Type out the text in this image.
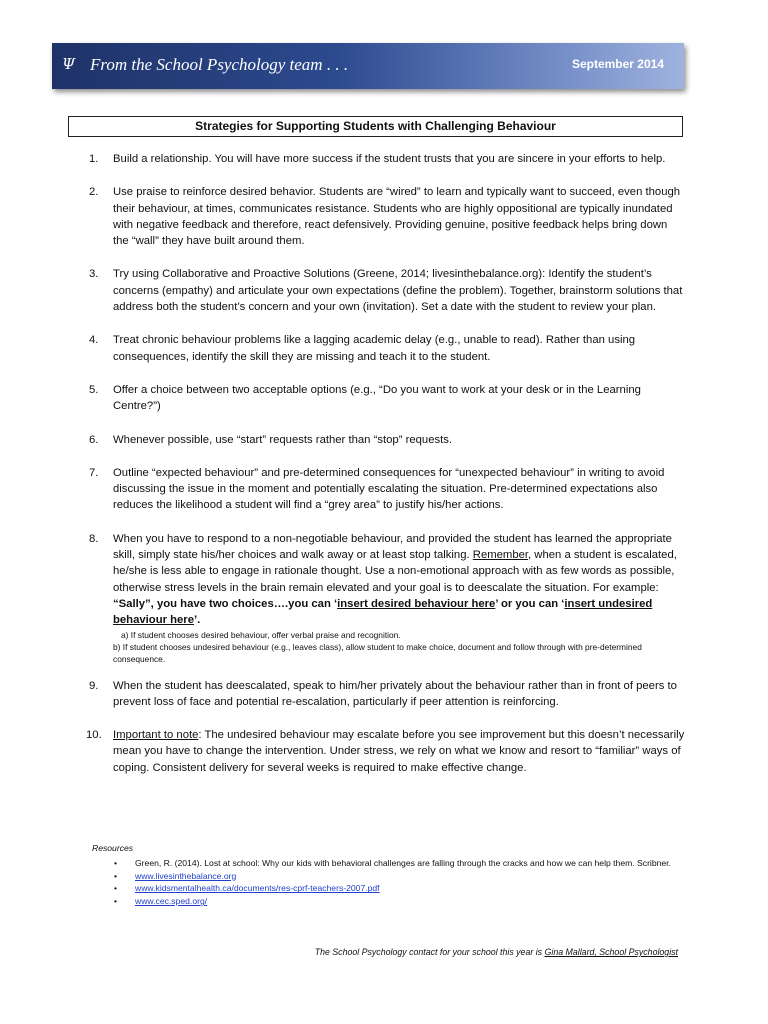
Ψ From the School Psychology team . . .	September 2014
Strategies for Supporting Students with Challenging Behaviour
1. Build a relationship. You will have more success if the student trusts that you are sincere in your efforts to help.

2. Use praise to reinforce desired behavior. Students are “wired” to learn and typically want to succeed, even though their behaviour, at times, communicates resistance. Students who are highly oppositional are typically inundated with negative feedback and therefore, react defensively. Providing genuine, positive feedback helps bring down the “wall” they have built around them.

3. Try using Collaborative and Proactive Solutions (Greene, 2014; livesinthebalance.org): Identify the student’s concerns (empathy) and articulate your own expectations (define the problem). Together, brainstorm solutions that address both the student’s concern and your own (invitation). Set a date with the student to review your plan.

4. Treat chronic behaviour problems like a lagging academic delay (e.g., unable to read). Rather than using consequences, identify the skill they are missing and teach it to the student.

5. Offer a choice between two acceptable options (e.g., “Do you want to work at your desk or in the Learning Centre?”)

6. Whenever possible, use “start” requests rather than “stop” requests.

7. Outline “expected behaviour” and pre-determined consequences for “unexpected behaviour” in writing to avoid discussing the issue in the moment and potentially escalating the situation. Pre-determined expectations also reduces the likelihood a student will find a “grey area” to justify his/her actions.

8. When you have to respond to a non-negotiable behaviour, and provided the student has learned the appropriate skill, simply state his/her choices and walk away or at least stop talking. Remember, when a student is escalated, he/she is less able to engage in rationale thought. Use a non-emotional approach with as few words as possible, otherwise stress levels in the brain remain elevated and your goal is to deescalate the situation. For example:

“Sally”, you have two choices….you can ‘insert desired behaviour here’ or you can ‘insert undesired behaviour here’.

a) If student chooses desired behaviour, offer verbal praise and recognition.

b) If student chooses undesired behaviour (e.g., leaves class), allow student to make choice, document and follow through with pre-determined consequence.

9. When the student has deescalated, speak to him/her privately about the behaviour rather than in front of peers to prevent loss of face and potential re-escalation, particularly if peer attention is reinforcing.

10. Important to note: The undesired behaviour may escalate before you see improvement but this doesn’t necessarily mean you have to change the intervention. Under stress, we rely on what we know and resort to “familiar” ways of coping. Consistent delivery for several weeks is required to make effective change.

Resources
• Green, R. (2014). Lost at school: Why our kids with behavioral challenges are falling through the cracks and how we can help them. Scribner.
• www.livesinthebalance.org
• www.kidsmentalhealth.ca/documents/res-cprf-teachers-2007.pdf
• www.cec.sped.org/
The School Psychology contact for your school this year is Gina Mallard, School Psychologist
